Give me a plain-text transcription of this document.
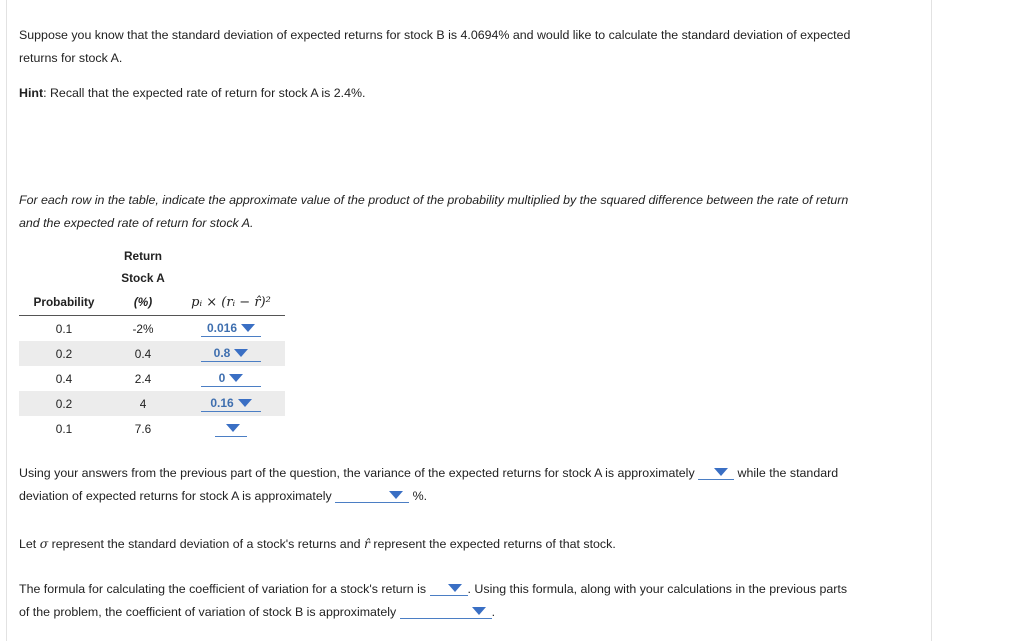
Suppose you know that the standard deviation of expected returns for stock B is 4.0694% and would like to calculate the standard deviation of expected
returns for stock A.

Hint: Recall that the expected rate of return for stock A is 2.4%.

For each row in the table, indicate the approximate value of the product of the probability multiplied by the squared difference between the rate of return
and the expected rate of return for stock A.

	Return	
	Stock A	
Probability	(%)	pᵢ × (rᵢ − r̂)²
0.1	-2%	0.016

0.2	0.4	0.8

0.4	2.4	0

0.2	4	0.16

0.1	7.6	

Using your answers from the previous part of the question, the variance of the expected returns for stock A is approximately	while the standard
deviation of expected returns for stock A is approximately	%.

Let σ represent the standard deviation of a stock's returns and r̂ represent the expected returns of that stock.

The formula for calculating the coefficient of variation for a stock's return is	. Using this formula, along with your calculations in the previous parts
of the problem, the coefficient of variation of stock B is approximately	.
